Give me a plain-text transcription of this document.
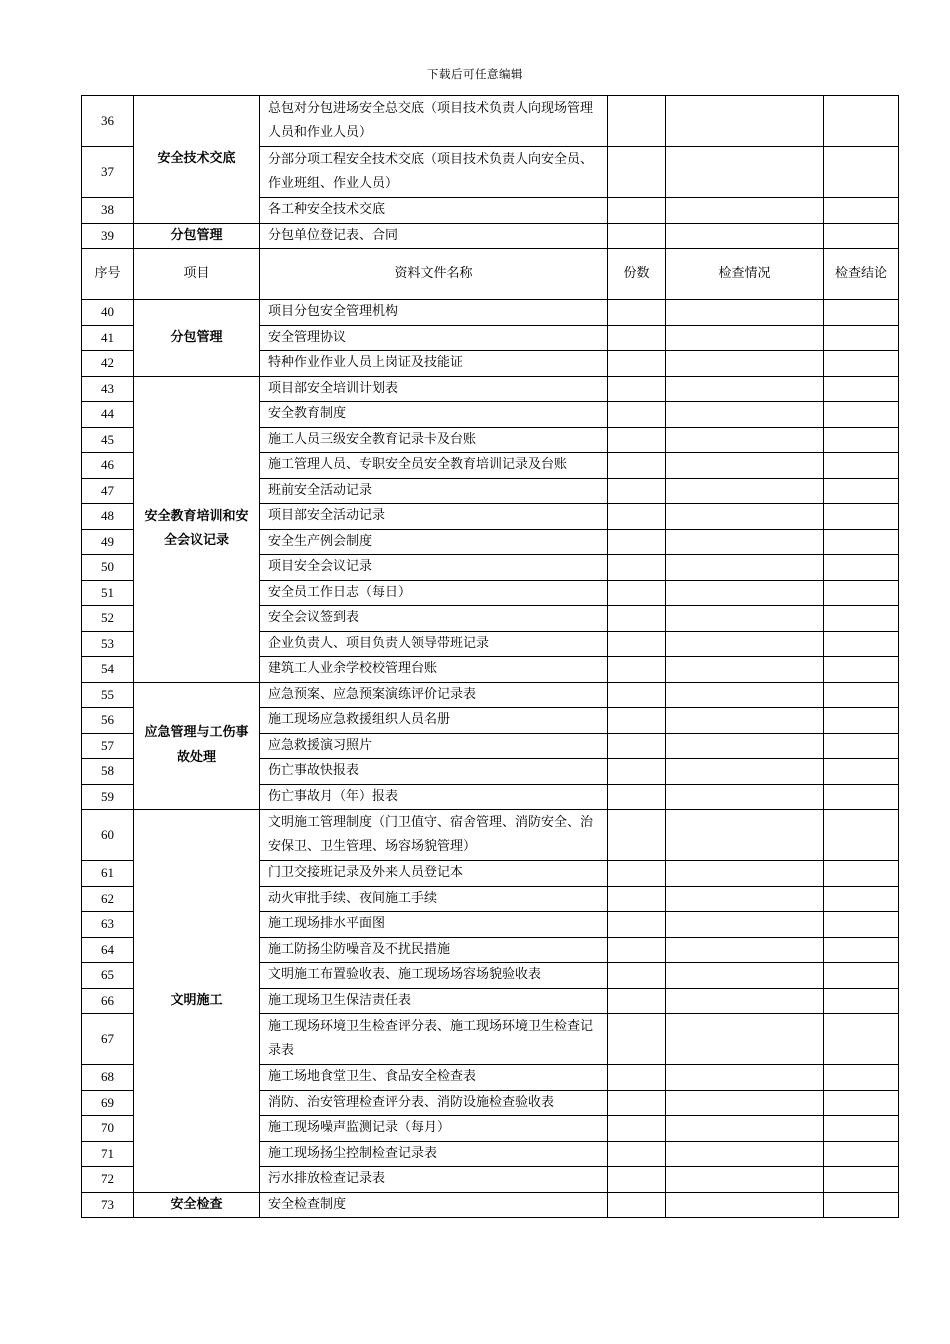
下载后可任意编辑
36	安全技术交底	总包对分包进场安全总交底（项目技术负责人向现场管理人员和作业人员）			
37		分部分项工程安全技术交底（项目技术负责人向安全员、作业班组、作业人员）			
38		各工种安全技术交底			
39	分包管理	分包单位登记表、合同			
序号	项目	资料文件名称	份数	检查情况	检查结论
40	分包管理	项目分包安全管理机构			
41		安全管理协议			
42		特种作业作业人员上岗证及技能证			
43	安全教育培训和安全会议记录	项目部安全培训计划表			
44		安全教育制度			
45		施工人员三级安全教育记录卡及台账			
46		施工管理人员、专职安全员安全教育培训记录及台账			
47		班前安全活动记录			
48		项目部安全活动记录			
49		安全生产例会制度			
50		项目安全会议记录			
51		安全员工作日志（每日）			
52		安全会议签到表			
53		企业负责人、项目负责人领导带班记录			
54		建筑工人业余学校校管理台账			
55	应急管理与工伤事故处理	应急预案、应急预案演练评价记录表			
56		施工现场应急救援组织人员名册			
57		应急救援演习照片			
58		伤亡事故快报表			
59		伤亡事故月（年）报表			
60	文明施工	文明施工管理制度（门卫值守、宿舍管理、消防安全、治安保卫、卫生管理、场容场貌管理）			
61		门卫交接班记录及外来人员登记本			
62		动火审批手续、夜间施工手续			
63		施工现场排水平面图			
64		施工防扬尘防噪音及不扰民措施			
65		文明施工布置验收表、施工现场场容场貌验收表			
66		施工现场卫生保洁责任表			
67		施工现场环境卫生检查评分表、施工现场环境卫生检查记录表			
68		施工场地食堂卫生、食品安全检查表			
69		消防、治安管理检查评分表、消防设施检查验收表			
70		施工现场噪声监测记录（每月）			
71		施工现场扬尘控制检查记录表			
72		污水排放检查记录表			
73	安全检查	安全检查制度			
